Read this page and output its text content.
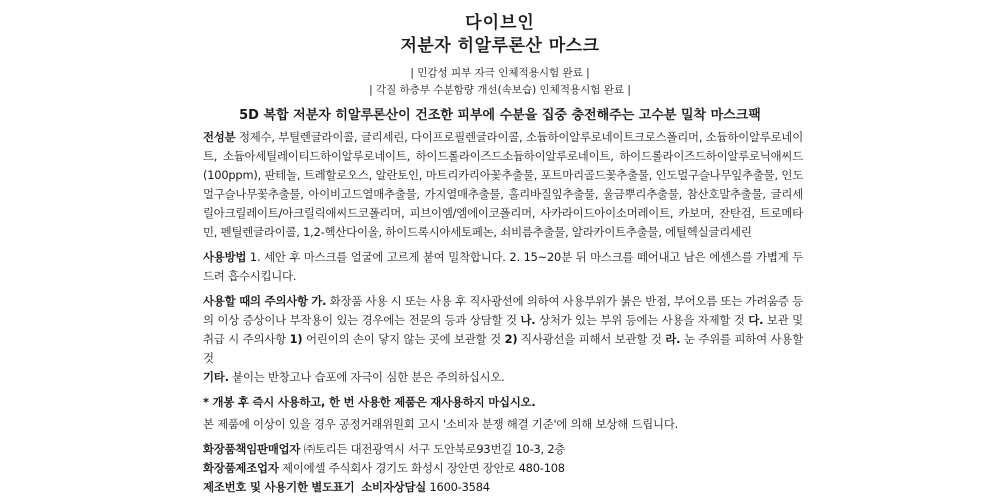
다이브인
저분자 히알루론산 마스크
| 민감성 피부 자극 인체적용시험 완료 |
| 각질 하층부 수분함량 개선(속보습) 인체적용시험 완료 |
5D 복합 저분자 히알루론산이 건조한 피부에 수분을 집중 충전해주는 고수분 밀착 마스크팩

전성분 정제수, 부틸렌글라이콜, 글리세린, 다이프로필렌글라이콜, 소듐하이알루로네이트크로스폴리머, 소듐하이알루로네이트, 소듐아세틸레이티드하이알루로네이트, 하이드롤라이즈드소듐하이알루로네이트, 하이드롤라이즈드하이알루로닉애씨드(100ppm), 판테놀, 트레할로오스, 알란토인, 마트리카리아꽃추출물, 포트마리골드꽃추출물, 인도멀구슬나무잎추출물, 인도멀구슬나무꽃추출물, 아이비고드열매추출물, 가지열매추출물, 홀리바질잎추출물, 울금뿌리추출물, 참산호말추출물, 글리세릴아크릴레이트/아크릴릭애씨드코폴리머, 피브이엠/엠에이코폴리머, 사카라이드아이소머레이트, 카보머, 잔탄검, 트로메타민, 펜틸렌글라이콜, 1,2-헥산다이올, 하이드록시아세토페논, 쇠비름추출물, 알라카이트추출물, 에틸헥실글리세린

사용방법 1. 세안 후 마스크를 얼굴에 고르게 붙여 밀착합니다. 2. 15~20분 뒤 마스크를 떼어내고 남은 에센스를 가볍게 두드려 흡수시킵니다.

사용할 때의 주의사항 가. 화장품 사용 시 또는 사용 후 직사광선에 의하여 사용부위가 붉은 반점, 부어오름 또는 가려움증 등의 이상 증상이나 부작용이 있는 경우에는 전문의 등과 상담할 것 나. 상처가 있는 부위 등에는 사용을 자제할 것 다. 보관 및 취급 시 주의사항 1) 어린이의 손이 닿지 않는 곳에 보관할 것 2) 직사광선을 피해서 보관할 것 라. 눈 주위를 피하여 사용할 것
기타. 붙이는 반창고나 습포에 자극이 심한 분은 주의하십시오.

* 개봉 후 즉시 사용하고, 한 번 사용한 제품은 재사용하지 마십시오.

본 제품에 이상이 있을 경우 공정거래위원회 고시 '소비자 분쟁 해결 기준'에 의해 보상해 드립니다.

화장품책임판매업자 ㈜토리든 대전광역시 서구 도안북로93번길 10-3, 2층

화장품제조업자 제이에셀 주식회사 경기도 화성시 장안면 장안로 480-108

제조번호 및 사용기한 별도표기 소비자상담실 1600-3584
